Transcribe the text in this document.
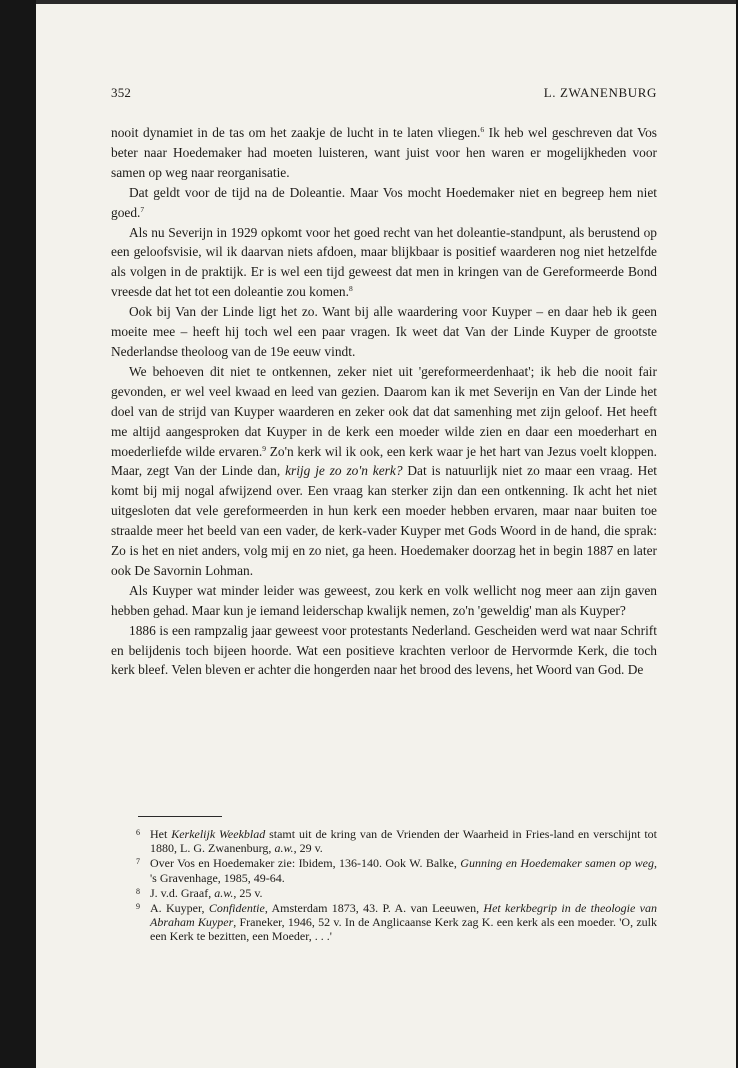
352	L. ZWANENBURG

nooit dynamiet in de tas om het zaakje de lucht in te laten vliegen.$^6$ Ik heb wel geschreven dat Vos beter naar Hoedemaker had moeten luisteren, want juist voor hen waren er mogelijkheden voor samen op weg naar reorganisatie.

Dat geldt voor de tijd na de Doleantie. Maar Vos mocht Hoedemaker niet en begreep hem niet goed.$^7$

Als nu Severijn in 1929 opkomt voor het goed recht van het doleantie-standpunt, als berustend op een geloofsvisie, wil ik daarvan niets afdoen, maar blijkbaar is positief waarderen nog niet hetzelfde als volgen in de praktijk. Er is wel een tijd geweest dat men in kringen van de Gereformeerde Bond vreesde dat het tot een doleantie zou komen.$^8$

Ook bij Van der Linde ligt het zo. Want bij alle waardering voor Kuyper – en daar heb ik geen moeite mee – heeft hij toch wel een paar vragen. Ik weet dat Van der Linde Kuyper de grootste Nederlandse theoloog van de 19e eeuw vindt.

We behoeven dit niet te ontkennen, zeker niet uit 'gereformeerdenhaat'; ik heb die nooit fair gevonden, er wel veel kwaad en leed van gezien. Daarom kan ik met Severijn en Van der Linde het doel van de strijd van Kuyper waarderen en zeker ook dat dat samenhing met zijn geloof. Het heeft me altijd aangesproken dat Kuyper in de kerk een moeder wilde zien en daar een moederhart en moederliefde wilde ervaren.$^9$ Zo'n kerk wil ik ook, een kerk waar je het hart van Jezus voelt kloppen. Maar, zegt Van der Linde dan, krijg je zo zo'n kerk? Dat is natuurlijk niet zo maar een vraag. Het komt bij mij nogal afwijzend over. Een vraag kan sterker zijn dan een ontkenning. Ik acht het niet uitgesloten dat vele gereformeerden in hun kerk een moeder hebben ervaren, maar naar buiten toe straalde meer het beeld van een vader, de kerk-vader Kuyper met Gods Woord in de hand, die sprak: Zo is het en niet anders, volg mij en zo niet, ga heen. Hoedemaker doorzag het in begin 1887 en later ook De Savornin Lohman.

Als Kuyper wat minder leider was geweest, zou kerk en volk wellicht nog meer aan zijn gaven hebben gehad. Maar kun je iemand leiderschap kwalijk nemen, zo'n 'geweldig' man als Kuyper?

1886 is een rampzalig jaar geweest voor protestants Nederland. Gescheiden werd wat naar Schrift en belijdenis toch bijeen hoorde. Wat een positieve krachten verloor de Hervormde Kerk, die toch kerk bleef. Velen bleven er achter die hongerden naar het brood des levens, het Woord van God. De

6 Het Kerkelijk Weekblad stamt uit de kring van de Vrienden der Waarheid in Fries-land en verschijnt tot 1880, L. G. Zwanenburg, a.w., 29 v.
7 Over Vos en Hoedemaker zie: Ibidem, 136-140. Ook W. Balke, Gunning en Hoedemaker samen op weg, 's Gravenhage, 1985, 49-64.
8 J. v.d. Graaf, a.w., 25 v.
9 A. Kuyper, Confidentie, Amsterdam 1873, 43. P. A. van Leeuwen, Het kerkbegrip in de theologie van Abraham Kuyper, Franeker, 1946, 52 v. In de Anglicaanse Kerk zag K. een kerk als een moeder. 'O, zulk een Kerk te bezitten, een Moeder, . . .'
